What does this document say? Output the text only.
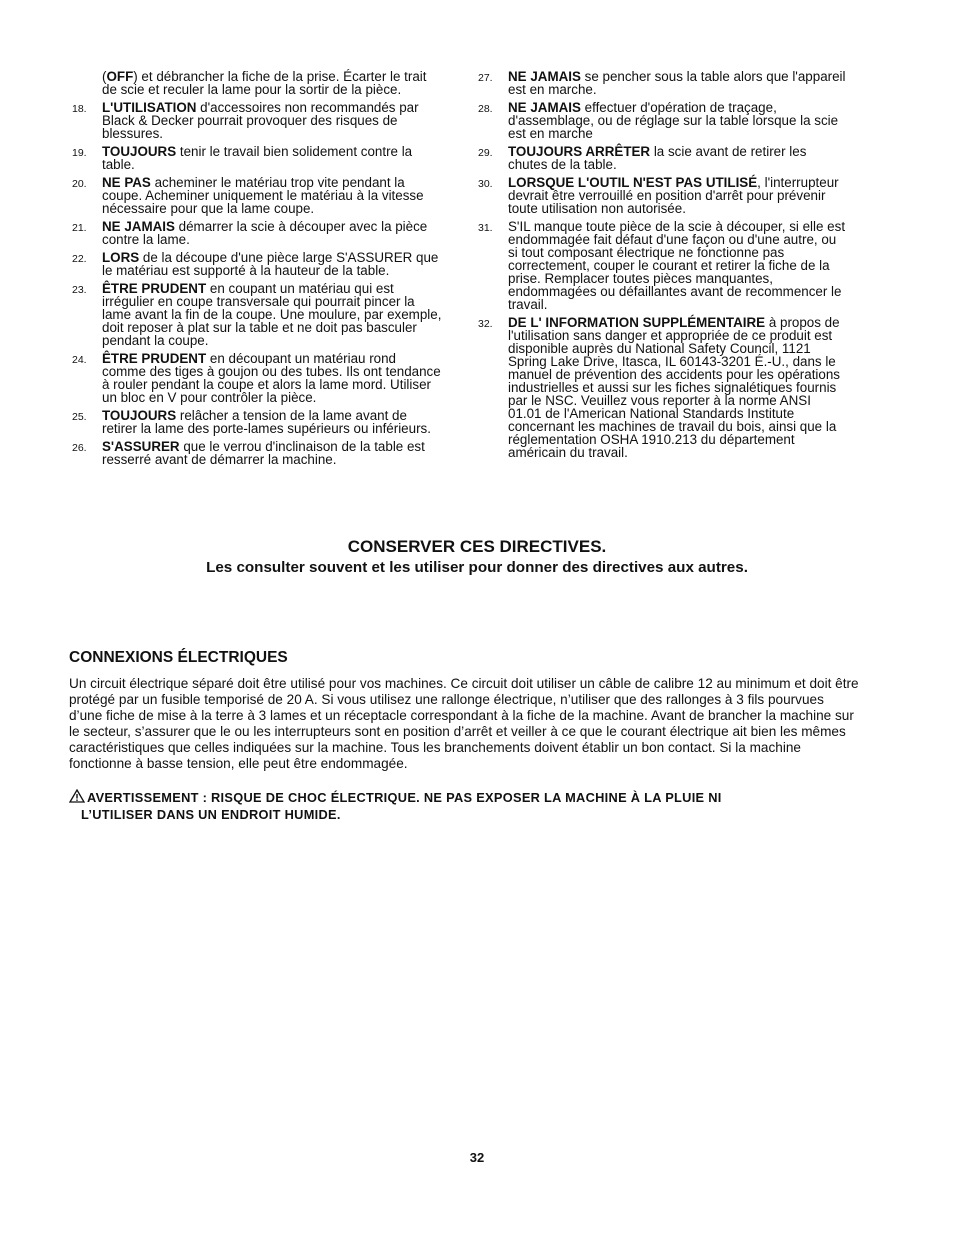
(OFF) et débrancher la fiche de la prise. Écarter le trait de scie et reculer la lame pour la sortir de la pièce.
18. L'UTILISATION d'accessoires non recommandés par Black & Decker pourrait provoquer des risques de blessures.
19. TOUJOURS tenir le travail bien solidement contre la table.
20. NE PAS acheminer le matériau trop vite pendant la coupe. Acheminer uniquement le matériau à la vitesse nécessaire pour que la lame coupe.
21. NE JAMAIS démarrer la scie à découper avec la pièce contre la lame.
22. LORS de la découpe d'une pièce large S'ASSURER que le matériau est supporté à la hauteur de la table.
23. ÊTRE PRUDENT en coupant un matériau qui est irrégulier en coupe transversale qui pourrait pincer la lame avant la fin de la coupe. Une moulure, par exemple, doit reposer à plat sur la table et ne doit pas basculer pendant la coupe.
24. ÊTRE PRUDENT en découpant un matériau rond comme des tiges à goujon ou des tubes. Ils ont tendance à rouler pendant la coupe et alors la lame mord. Utiliser un bloc en V pour contrôler la pièce.
25. TOUJOURS relâcher a tension de la lame avant de retirer la lame des porte-lames supérieurs ou inférieurs.
26. S'ASSURER que le verrou d'inclinaison de la table est resserré avant de démarrer la machine.
27. NE JAMAIS se pencher sous la table alors que l'appareil est en marche.
28. NE JAMAIS effectuer d'opération de traçage, d'assemblage, ou de réglage sur la table lorsque la scie est en marche
29. TOUJOURS ARRÊTER la scie avant de retirer les chutes de la table.
30. LORSQUE L'OUTIL N'EST PAS UTILISÉ, l'interrupteur devrait être verrouillé en position d'arrêt pour prévenir toute utilisation non autorisée.
31. S'IL manque toute pièce de la scie à découper, si elle est endommagée fait défaut d'une façon ou d'une autre, ou si tout composant électrique ne fonctionne pas correctement, couper le courant et retirer la fiche de la prise. Remplacer toutes pièces manquantes, endommagées ou défaillantes avant de recommencer le travail.
32. DE L' INFORMATION SUPPLÉMENTAIRE à propos de l'utilisation sans danger et appropriée de ce produit est disponible auprès du National Safety Council, 1121 Spring Lake Drive, Itasca, IL 60143-3201 É.-U., dans le manuel de prévention des accidents pour les opérations industrielles et aussi sur les fiches signalétiques fournis par le NSC. Veuillez vous reporter à la norme ANSI 01.01 de l'American National Standards Institute concernant les machines de travail du bois, ainsi que la réglementation OSHA 1910.213 du département américain du travail.
CONSERVER CES DIRECTIVES.
Les consulter souvent et les utiliser pour donner des directives aux autres.
CONNEXIONS ÉLECTRIQUES
Un circuit électrique séparé doit être utilisé pour vos machines. Ce circuit doit utiliser un câble de calibre 12 au minimum et doit être protégé par un fusible temporisé de 20 A. Si vous utilisez une rallonge électrique, n’utiliser que des rallonges à 3 fils pourvues d’une fiche de mise à la terre à 3 lames et un réceptacle correspondant à la fiche de la machine. Avant de brancher la machine sur le secteur, s’assurer que le ou les interrupteurs sont en position d’arrêt et veiller à ce que le courant électrique ait bien les mêmes caractéristiques que celles indiquées sur la machine. Tous les branchements doivent établir un bon contact. Si la machine fonctionne à basse tension, elle peut être endommagée.
AVERTISSEMENT : RISQUE DE CHOC ÉLECTRIQUE. NE PAS EXPOSER LA MACHINE À LA PLUIE NI
L’UTILISER DANS UN ENDROIT HUMIDE.
32
